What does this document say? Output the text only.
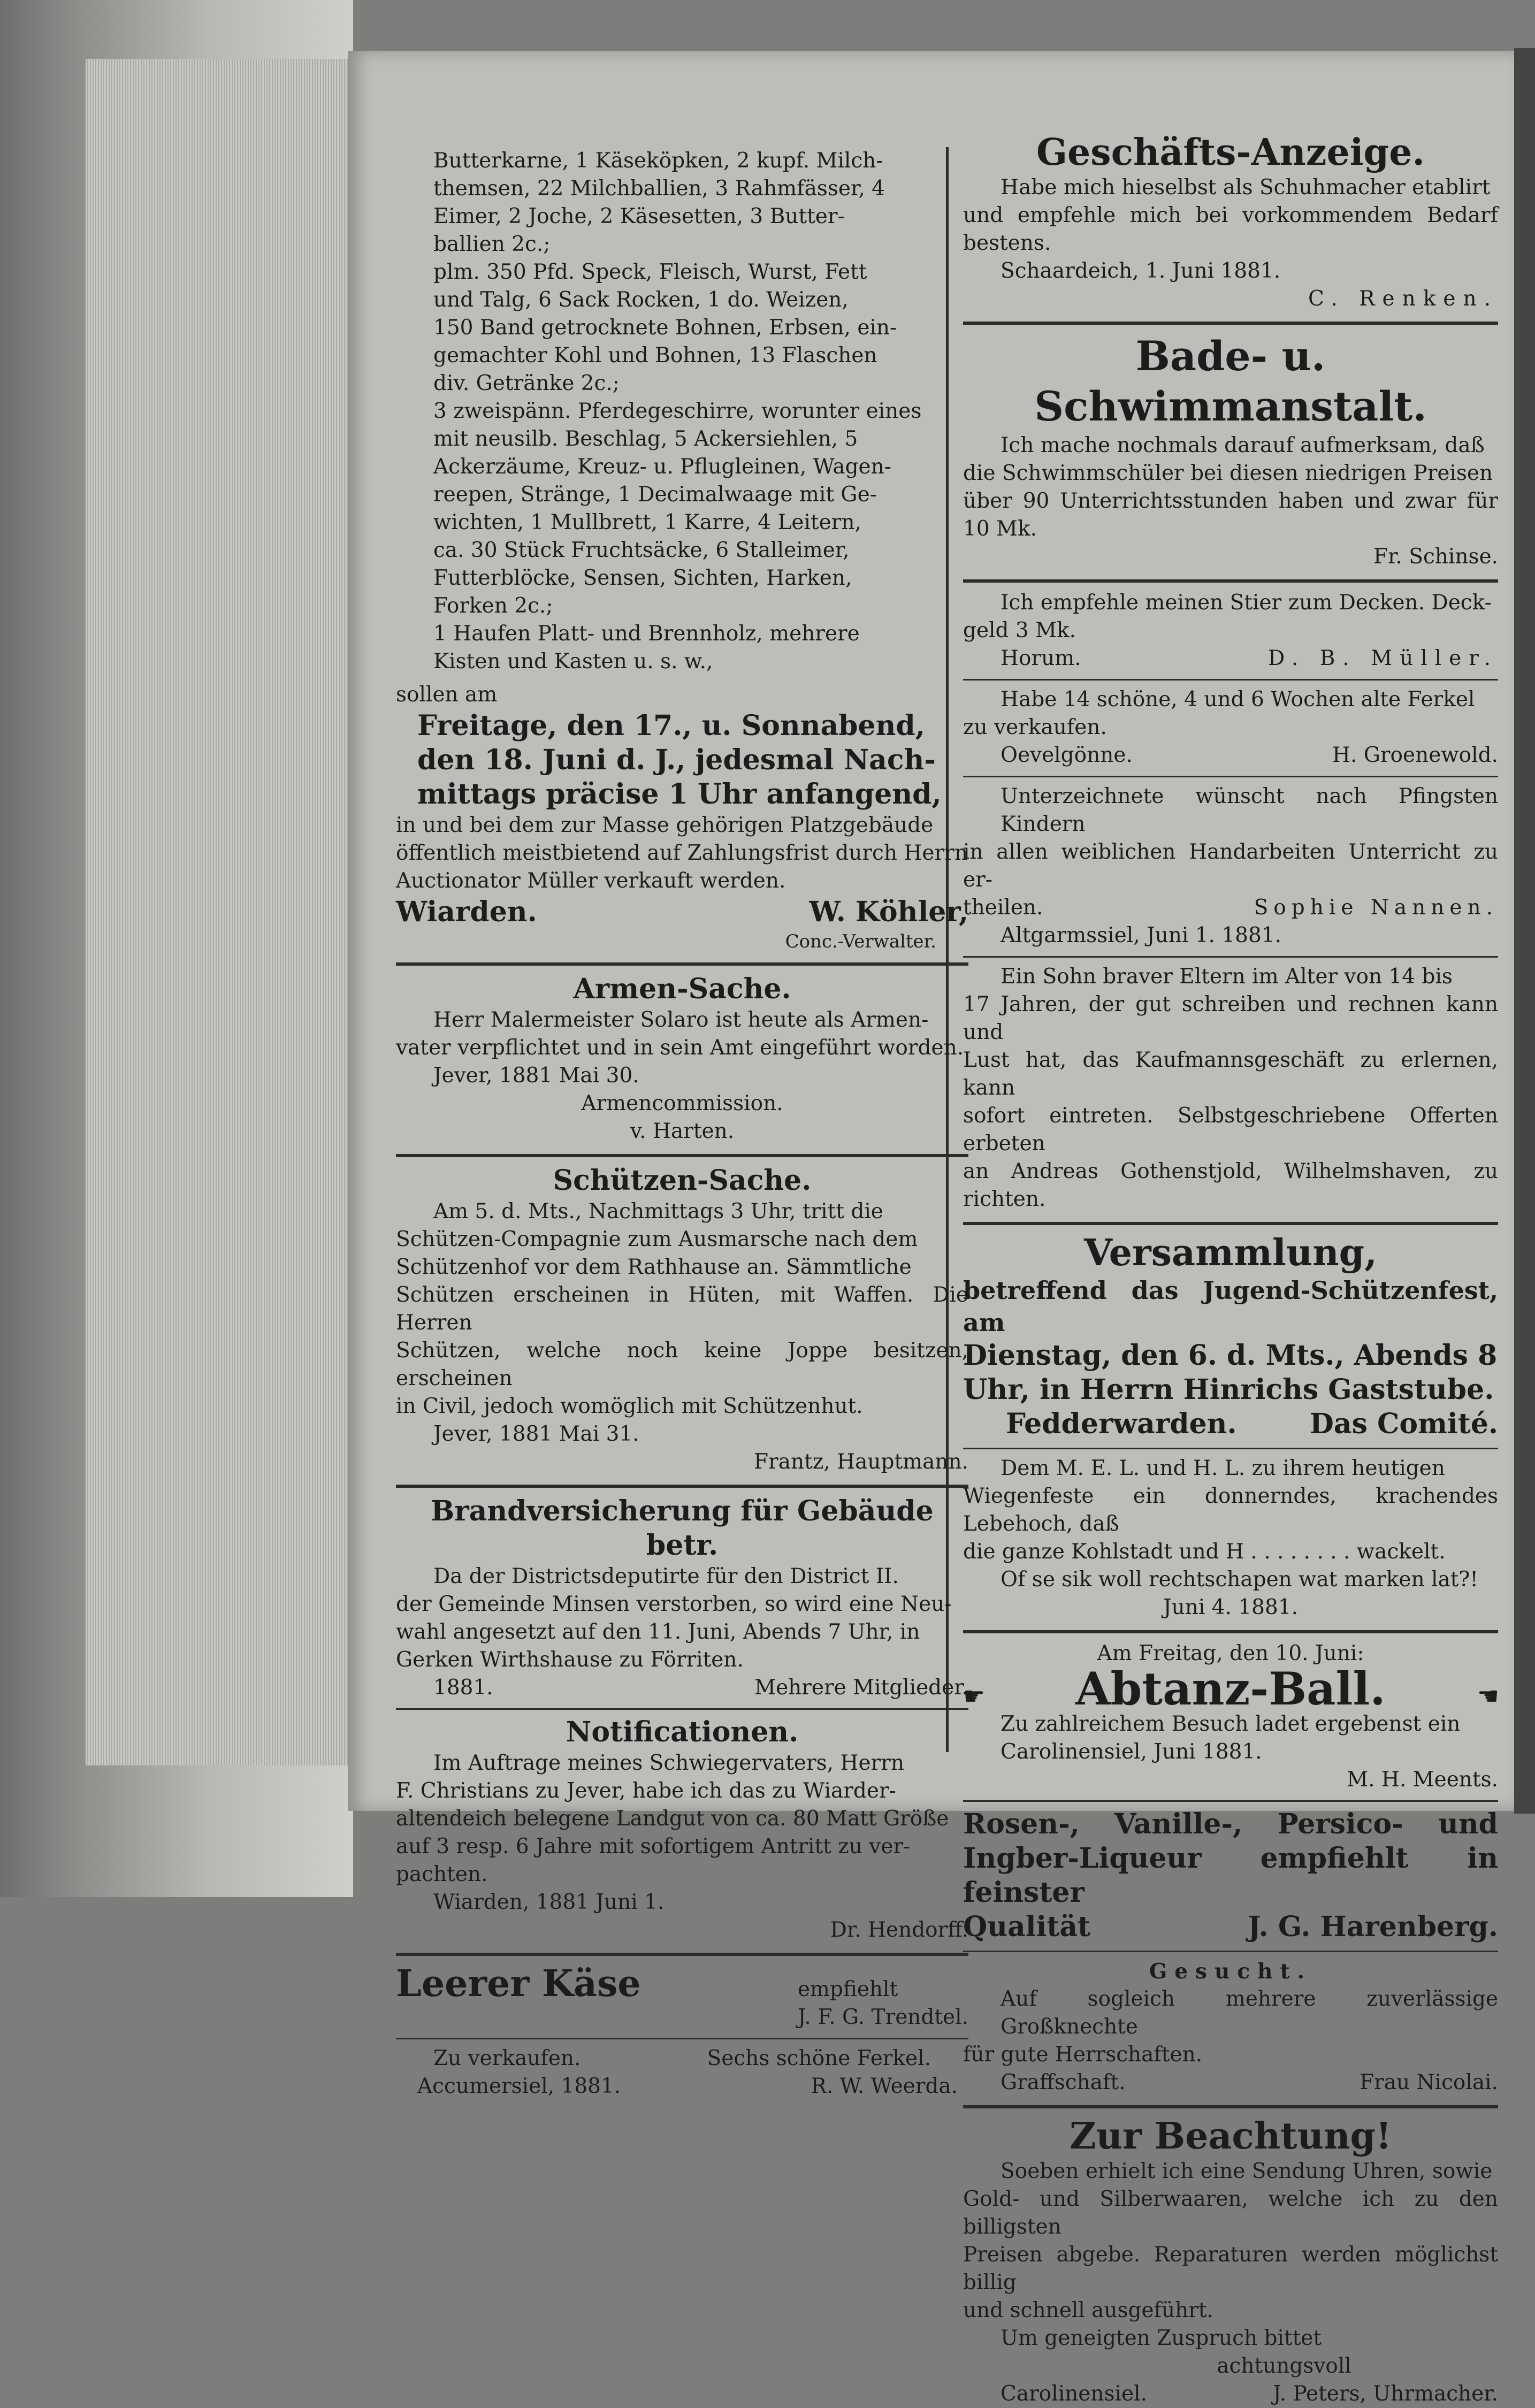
Butterkarne, 1 Käseköpken, 2 kupf. Milch-

themsen, 22 Milchballien, 3 Rahmfässer, 4

Eimer, 2 Joche, 2 Käsesetten, 3 Butter-

ballien 2c.;

plm. 350 Pfd. Speck, Fleisch, Wurst, Fett

und Talg, 6 Sack Rocken, 1 do. Weizen,

150 Band getrocknete Bohnen, Erbsen, ein-

gemachter Kohl und Bohnen, 13 Flaschen

div. Getränke 2c.;

3 zweispänn. Pferdegeschirre, worunter eines

mit neusilb. Beschlag, 5 Ackersiehlen, 5

Ackerzäume, Kreuz- u. Pflugleinen, Wagen-

reepen, Stränge, 1 Decimalwaage mit Ge-

wichten, 1 Mullbrett, 1 Karre, 4 Leitern,

ca. 30 Stück Fruchtsäcke, 6 Stalleimer,

Futterblöcke, Sensen, Sichten, Harken,

Forken 2c.;

1 Haufen Platt- und Brennholz, mehrere

Kisten und Kasten u. s. w.,

sollen am

Freitage, den 17., u. Sonnabend,

den 18. Juni d. J., jedesmal Nach-

mittags präcise 1 Uhr anfangend,

in und bei dem zur Masse gehörigen Platzgebäude

öffentlich meistbietend auf Zahlungsfrist durch Herrn

Auctionator Müller verkauft werden.

Wiarden.	W. Köhler,

Conc.-Verwalter.

Armen-Sache.

Herr Malermeister Solaro ist heute als Armen-

vater verpflichtet und in sein Amt eingeführt worden.

Jever, 1881 Mai 30.

Armencommission.

v. Harten.

Schützen-Sache.

Am 5. d. Mts., Nachmittags 3 Uhr, tritt die

Schützen-Compagnie zum Ausmarsche nach dem

Schützenhof vor dem Rathhause an. Sämmtliche

Schützen erscheinen in Hüten, mit Waffen. Die Herren

Schützen, welche noch keine Joppe besitzen, erscheinen

in Civil, jedoch womöglich mit Schützenhut.

Jever, 1881 Mai 31.

Frantz, Hauptmann.

Brandversicherung für Gebäude betr.

Da der Districtsdeputirte für den District II.

der Gemeinde Minsen verstorben, so wird eine Neu-

wahl angesetzt auf den 11. Juni, Abends 7 Uhr, in

Gerken Wirthshause zu Förriten.

1881.	Mehrere Mitglieder.

Notificationen.

Im Auftrage meines Schwiegervaters, Herrn

F. Christians zu Jever, habe ich das zu Wiarder-

altendeich belegene Landgut von ca. 80 Matt Größe

auf 3 resp. 6 Jahre mit sofortigem Antritt zu ver-

pachten.

Wiarden, 1881 Juni 1.

Dr. Hendorff.

Leerer Käse	empfiehlt
J. F. G. Trendtel.
Zu verkaufen.	Sechs schöne Ferkel.
Accumersiel, 1881.	R. W. Weerda.

Geschäfts-Anzeige.

Habe mich hieselbst als Schuhmacher etablirt

und empfehle mich bei vorkommendem Bedarf bestens.

Schaardeich, 1. Juni 1881.

C. Renken.

Bade- u. Schwimmanstalt.

Ich mache nochmals darauf aufmerksam, daß

die Schwimmschüler bei diesen niedrigen Preisen

über 90 Unterrichtsstunden haben und zwar für 10 Mk.

Fr. Schinse.

Ich empfehle meinen Stier zum Decken. Deck-

geld 3 Mk.

Horum.	D. B. Müller.

Habe 14 schöne, 4 und 6 Wochen alte Ferkel

zu verkaufen.

Oevelgönne.	H. Groenewold.

Unterzeichnete wünscht nach Pfingsten Kindern

in allen weiblichen Handarbeiten Unterricht zu er-

theilen.	Sophie Nannen.

Altgarmssiel, Juni 1. 1881.

Ein Sohn braver Eltern im Alter von 14 bis

17 Jahren, der gut schreiben und rechnen kann und

Lust hat, das Kaufmannsgeschäft zu erlernen, kann

sofort eintreten. Selbstgeschriebene Offerten erbeten

an Andreas Gothenstjold, Wilhelmshaven, zu richten.

Versammlung,

betreffend das Jugend-Schützenfest, am

Dienstag, den 6. d. Mts., Abends 8

Uhr, in Herrn Hinrichs Gaststube.

Fedderwarden.	Das Comité.

Dem M. E. L. und H. L. zu ihrem heutigen

Wiegenfeste ein donnerndes, krachendes Lebehoch, daß

die ganze Kohlstadt und H . . . . . . . . wackelt.

Of se sik woll rechtschapen wat marken lat?!

Juni 4. 1881.

Am Freitag, den 10. Juni:

☛ Abtanz-Ball.	☚

Zu zahlreichem Besuch ladet ergebenst ein

Carolinensiel, Juni 1881.

M. H. Meents.

Rosen-, Vanille-, Persico- und

Ingber-Liqueur empfiehlt in feinster

Qualität	J. G. Harenberg.

Gesucht.

Auf sogleich mehrere zuverlässige Großknechte

für gute Herrschaften.

Graffschaft.	Frau Nicolai.

Zur Beachtung!

Soeben erhielt ich eine Sendung Uhren, sowie

Gold- und Silberwaaren, welche ich zu den billigsten

Preisen abgebe. Reparaturen werden möglichst billig

und schnell ausgeführt.

Um geneigten Zuspruch bittet

achtungsvoll

Carolinensiel.	J. Peters, Uhrmacher.
